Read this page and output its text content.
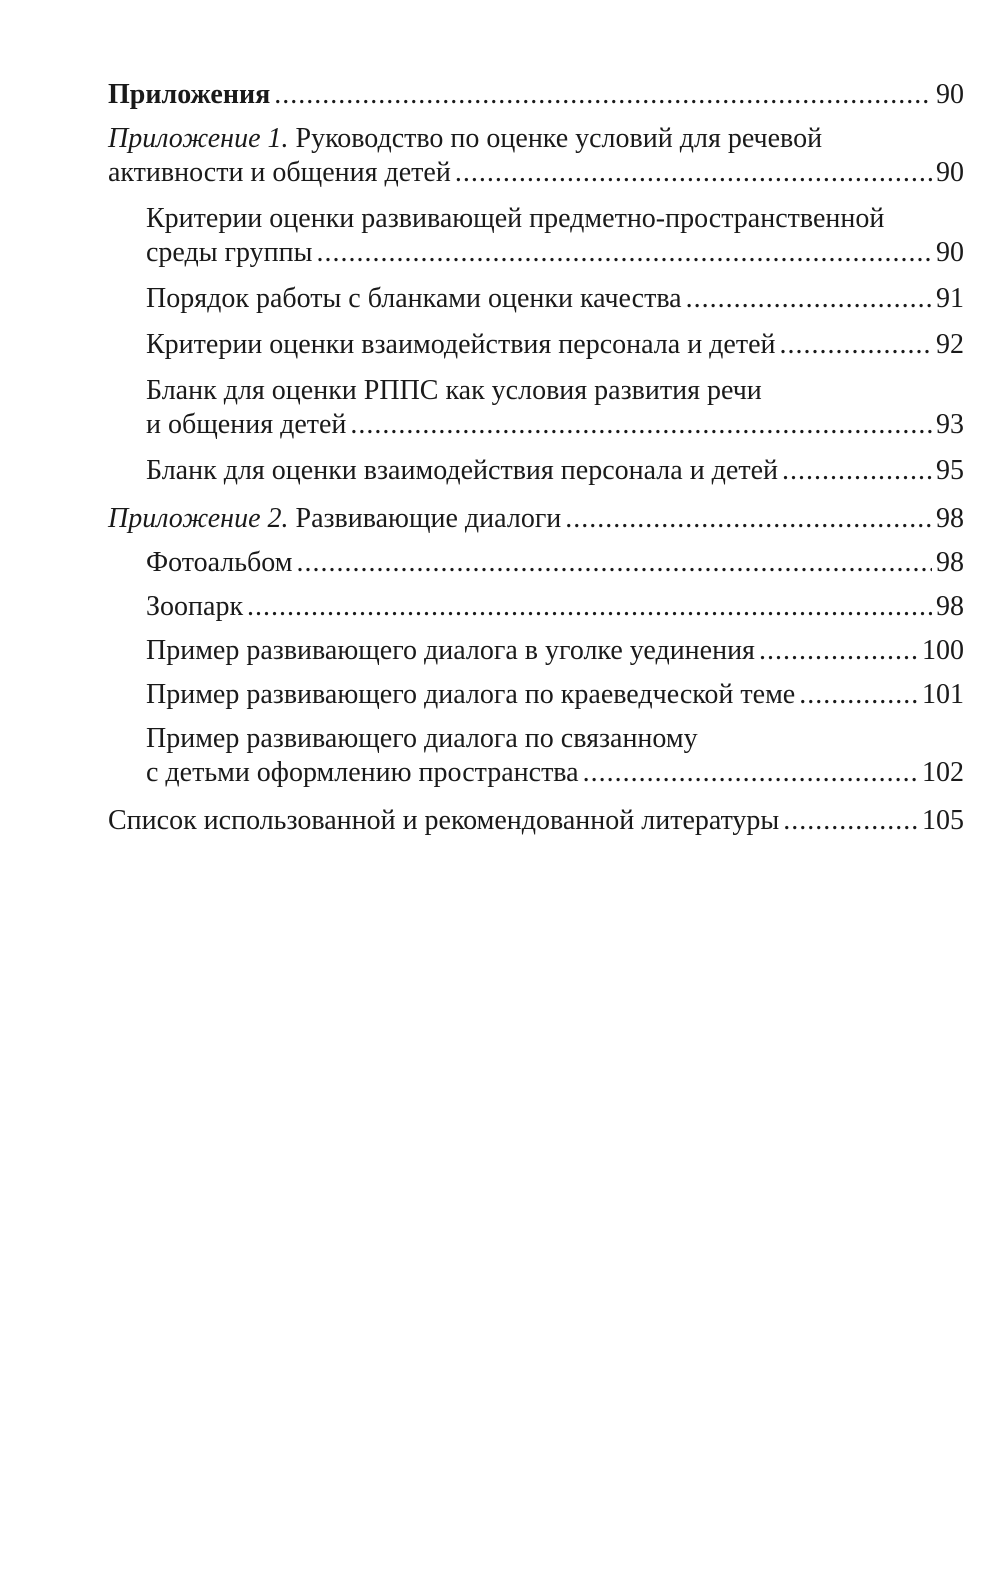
Приложения .....	90
Приложение 1. Руководство по оценке условий для речевой
активности и общения детей .....	90
Критерии оценки развивающей предметно-пространственной
среды группы .....	90
Порядок работы с бланками оценки качества .....	91
Критерии оценки взаимодействия персонала и детей .....	92
Бланк для оценки РППС как условия развития речи
и общения детей .....	93
Бланк для оценки взаимодействия персонала и детей .....	95
Приложение 2. Развивающие диалоги .....	98
Фотоальбом .....	98
Зоопарк .....	98
Пример развивающего диалога в уголке уединения .....	100
Пример развивающего диалога по краеведческой теме .....	101
Пример развивающего диалога по связанному
с детьми оформлению пространства .....	102
Список использованной и рекомендованной литературы .....	105
